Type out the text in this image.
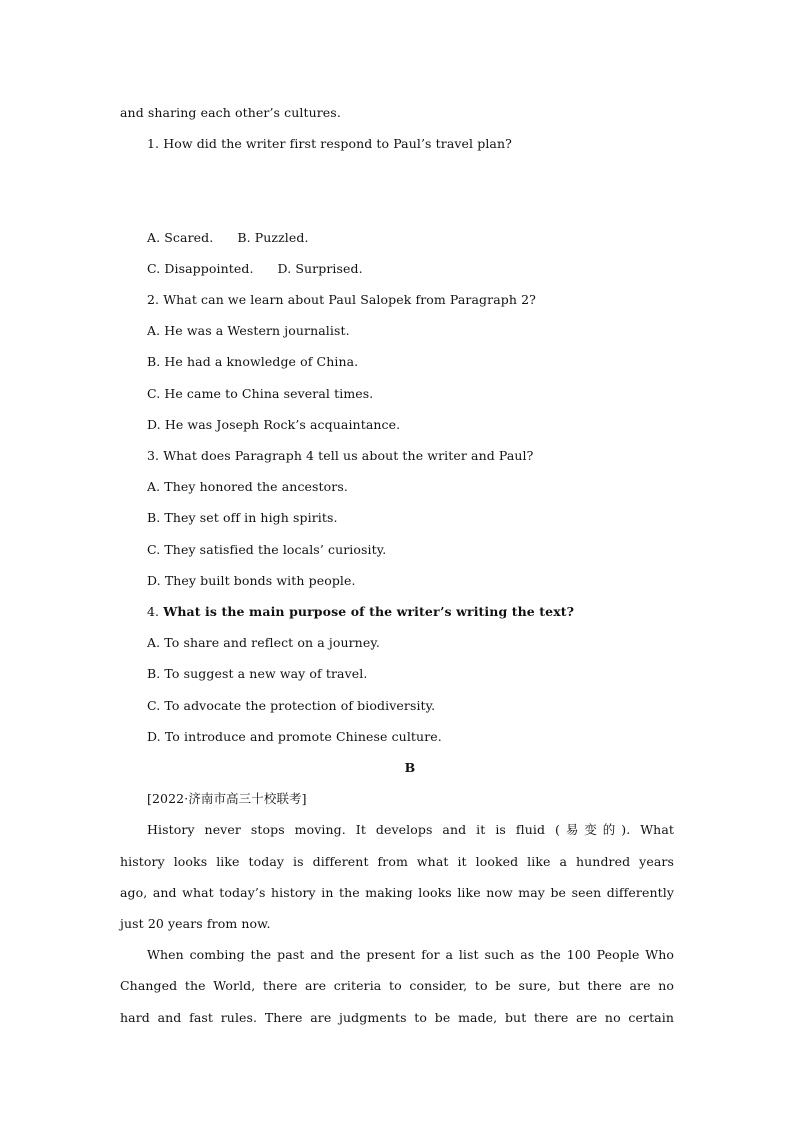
and sharing each other’s cultures.
1. How did the writer first respond to Paul’s travel plan?
A. Scared. B. Puzzled.
C. Disappointed. D. Surprised.
2. What can we learn about Paul Salopek from Paragraph 2?
A. He was a Western journalist.
B. He had a knowledge of China.
C. He came to China several times.
D. He was Joseph Rock’s acquaintance.
3. What does Paragraph 4 tell us about the writer and Paul?
A. They honored the ancestors.
B. They set off in high spirits.
C. They satisfied the locals’ curiosity.
D. They built bonds with people.
4. What is the main purpose of the writer’s writing the text?
A. To share and reflect on a journey.
B. To suggest a new way of travel.
C. To advocate the protection of biodiversity.
D. To introduce and promote Chinese culture.
B
[2022·济南市高三十校联考]
History never stops moving. It develops and it is fluid (易变的). What
history looks like today is different from what it looked like a hundred years
ago, and what today’s history in the making looks like now may be seen differently
just 20 years from now.
When combing the past and the present for a list such as the 100 People Who
Changed the World, there are criteria to consider, to be sure, but there are no
hard and fast rules. There are judgments to be made, but there are no certain
